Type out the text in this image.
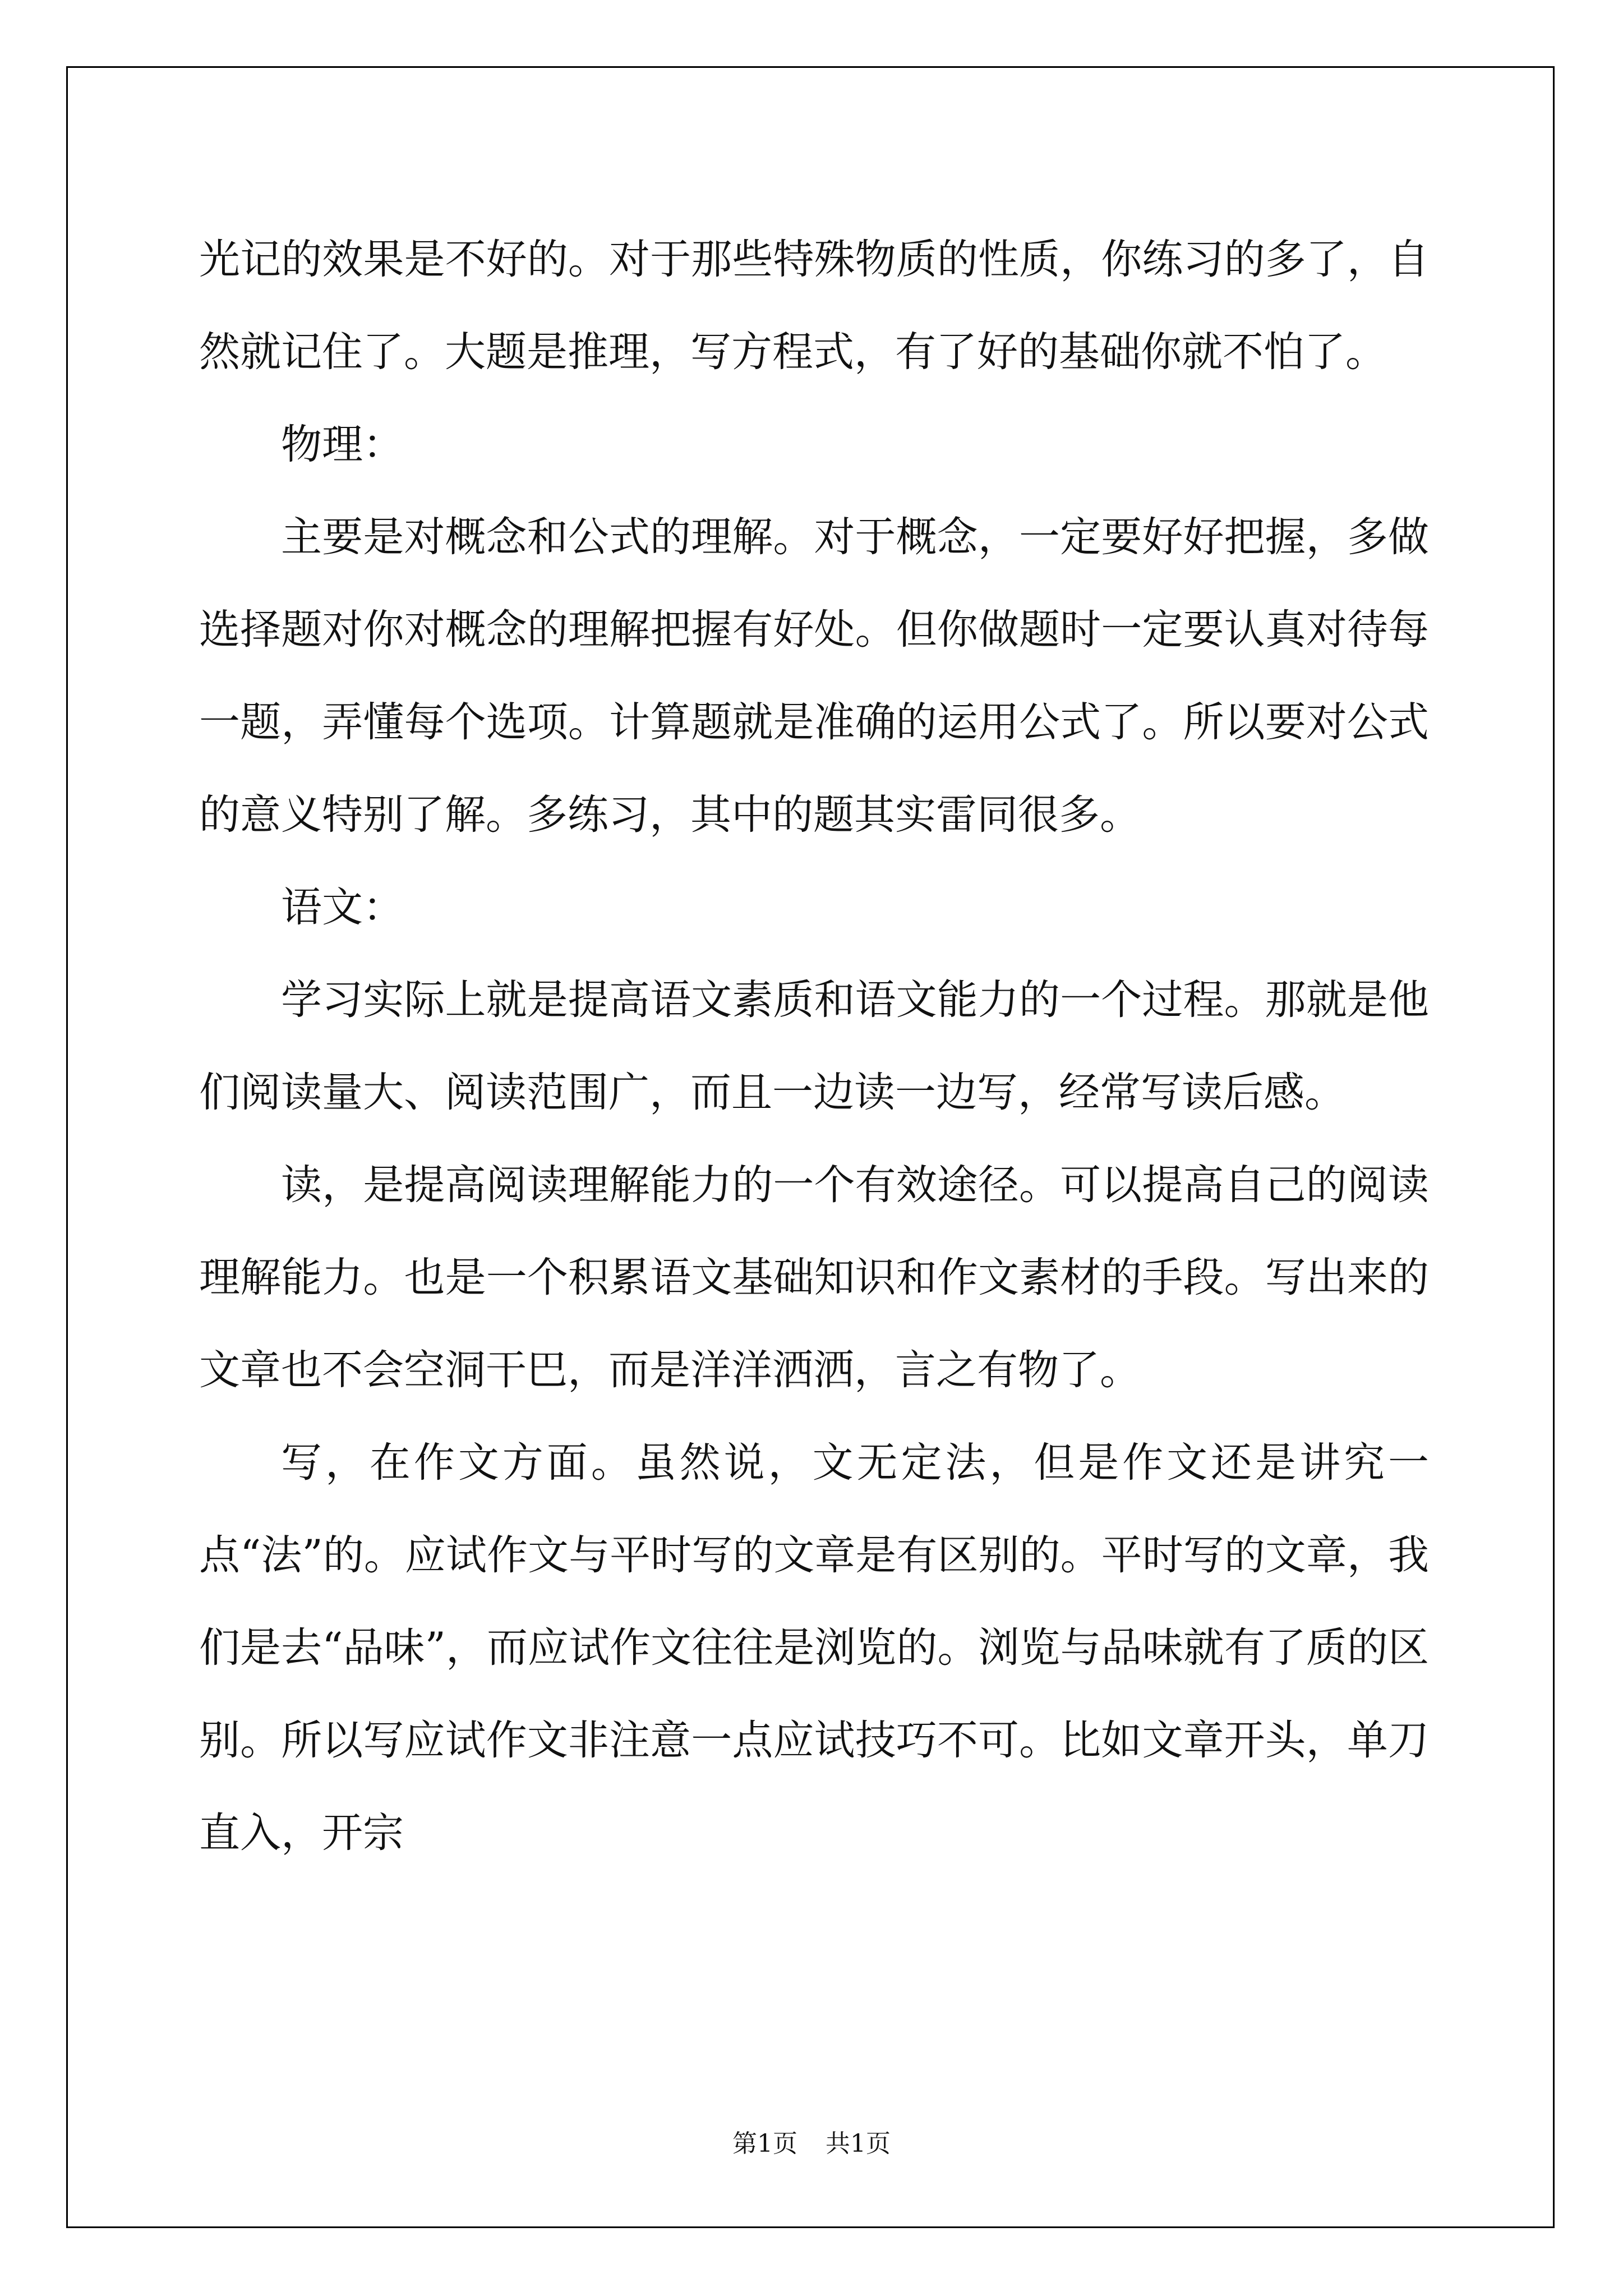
光记的效果是不好的。对于那些特殊物质的性质，你练习的多了，自然就记住了。大题是推理，写方程式，有了好的基础你就不怕了。

物理：

主要是对概念和公式的理解。对于概念，一定要好好把握，多做选择题对你对概念的理解把握有好处。但你做题时一定要认真对待每一题，弄懂每个选项。计算题就是准确的运用公式了。所以要对公式的意义特别了解。多练习，其中的题其实雷同很多。

语文：

学习实际上就是提高语文素质和语文能力的一个过程。那就是他们阅读量大、阅读范围广，而且一边读一边写，经常写读后感。

读，是提高阅读理解能力的一个有效途径。可以提高自己的阅读理解能力。也是一个积累语文基础知识和作文素材的手段。写出来的文章也不会空洞干巴，而是洋洋洒洒，言之有物了。

写，在作文方面。虽然说，文无定法，但是作文还是讲究一点“法”的。应试作文与平时写的文章是有区别的。平时写的文章，我们是去“品味”，而应试作文往往是浏览的。浏览与品味就有了质的区别。所以写应试作文非注意一点应试技巧不可。比如文章开头，单刀直入，开宗

第1页 共1页
